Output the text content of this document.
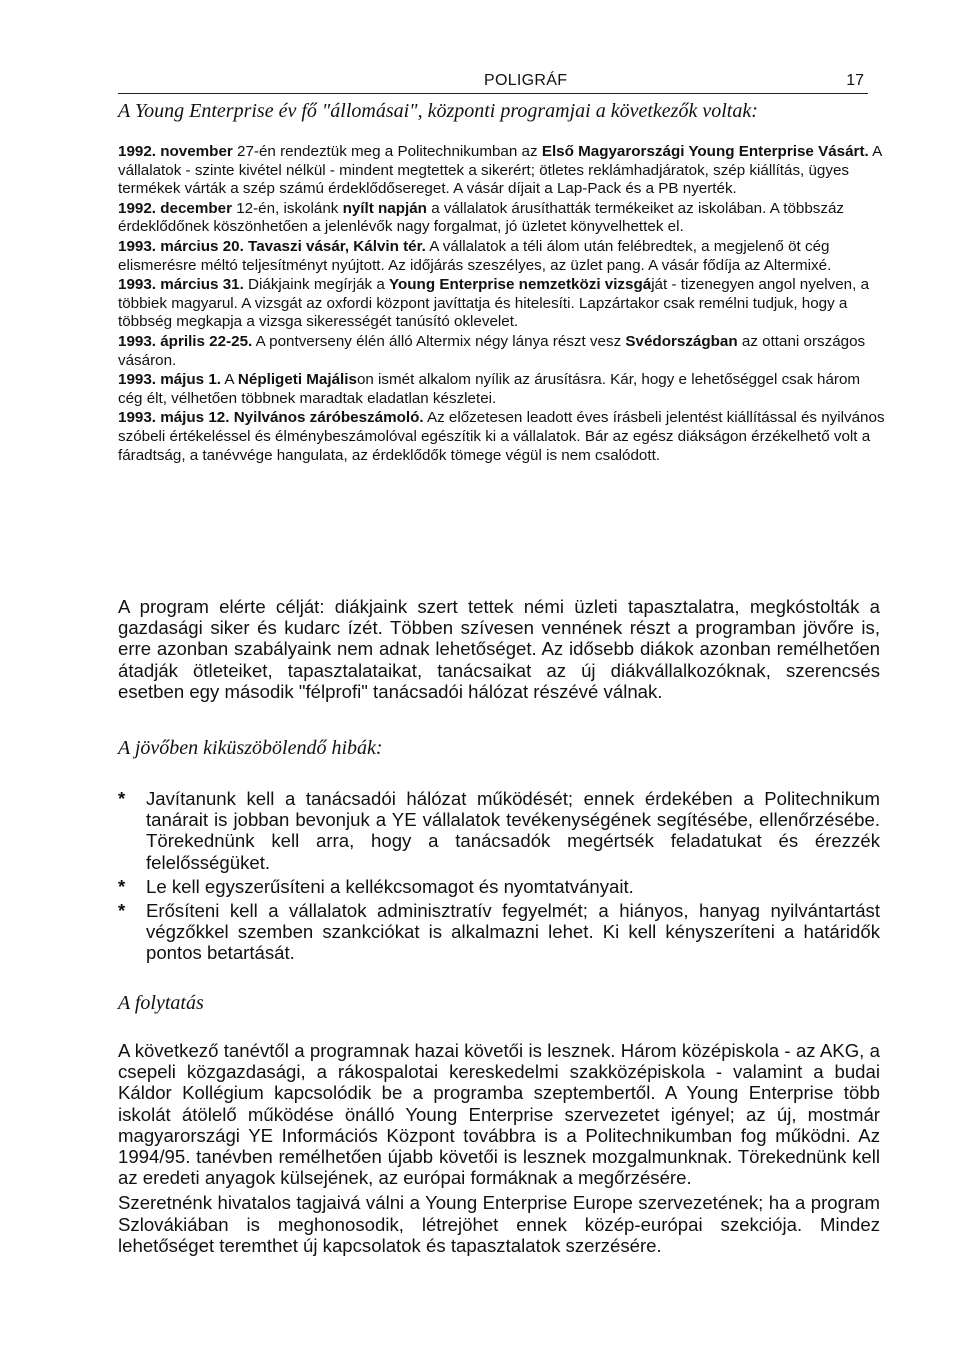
POLIGRÁF	17
A Young Enterprise év fő "állomásai", központi programjai a következők voltak:

1992. november 27-én rendeztük meg a Politechnikumban az Első Magyarországi Young Enterprise Vásárt. A vállalatok - szinte kivétel nélkül - mindent megtettek a sikerért; ötletes reklámhadjáratok, szép kiállítás, ügyes termékek várták a szép számú érdeklődősereget. A vásár díjait a Lap-Pack és a PB nyerték.

1992. december 12-én, iskolánk nyílt napján a vállalatok árusíthatták termékeiket az iskolában. A többszáz érdeklődőnek köszönhetően a jelenlévők nagy forgalmat, jó üzletet könyvelhettek el.

1993. március 20. Tavaszi vásár, Kálvin tér. A vállalatok a téli álom után felébredtek, a megjelenő öt cég elismerésre méltó teljesítményt nyújtott. Az időjárás szeszélyes, az üzlet pang. A vásár fődíja az Altermixé.

1993. március 31. Diákjaink megírják a Young Enterprise nemzetközi vizsgáját - tizenegyen angol nyelven, a többiek magyarul. A vizsgát az oxfordi központ javíttatja és hitelesíti. Lapzártakor csak remélni tudjuk, hogy a többség megkapja a vizsga sikerességét tanúsító oklevelet.

1993. április 22-25. A pontverseny élén álló Altermix négy lánya részt vesz Svédországban az ottani országos vásáron.

1993. május 1. A Népligeti Majálison ismét alkalom nyílik az árusításra. Kár, hogy e lehetőséggel csak három cég élt, vélhetően többnek maradtak eladatlan készletei.

1993. május 12. Nyilvános záróbeszámoló. Az előzetesen leadott éves írásbeli jelentést kiállítással és nyilvános szóbeli értékeléssel és élménybeszámolóval egészítik ki a vállalatok. Bár az egész diákságon érzékelhető volt a fáradtság, a tanévvége hangulata, az érdeklődők tömege végül is nem csalódott.

A program elérte célját: diákjaink szert tettek némi üzleti tapasztalatra, megkóstolták a gazdasági siker és kudarc ízét. Többen szívesen vennének részt a programban jövőre is, erre azonban szabályaink nem adnak lehetőséget. Az idősebb diákok azonban remélhetően átadják ötleteiket, tapasztalataikat, tanácsaikat az új diákvállalkozóknak, szerencsés esetben egy második "félprofi" tanácsadói hálózat részévé válnak.
A jövőben kiküszöbölendő hibák:
* Javítanunk kell a tanácsadói hálózat működését; ennek érdekében a Politechnikum tanárait is jobban bevonjuk a YE vállalatok tevékenységének segítésébe, ellenőrzésébe. Törekednünk kell arra, hogy a tanácsadók megértsék feladatukat és érezzék felelősségüket.
* Le kell egyszerűsíteni a kellékcsomagot és nyomtatványait.
* Erősíteni kell a vállalatok adminisztratív fegyelmét; a hiányos, hanyag nyilvántartást végzőkkel szemben szankciókat is alkalmazni lehet. Ki kell kényszeríteni a határidők pontos betartását.
A folytatás

A következő tanévtől a programnak hazai követői is lesznek. Három középiskola - az AKG, a csepeli közgazdasági, a rákospalotai kereskedelmi szakközépiskola - valamint a budai Káldor Kollégium kapcsolódik be a programba szeptembertől. A Young Enterprise több iskolát átölelő működése önálló Young Enterprise szervezetet igényel; az új, mostmár magyarországi YE Információs Központ továbbra is a Politechnikumban fog működni. Az 1994/95. tanévben remélhetően újabb követői is lesznek mozgalmunknak. Törekednünk kell az eredeti anyagok külsejének, az európai formáknak a megőrzésére.

Szeretnénk hivatalos tagjaivá válni a Young Enterprise Europe szervezetének; ha a program Szlovákiában is meghonosodik, létrejöhet ennek közép-európai szekciója. Mindez lehetőséget teremthet új kapcsolatok és tapasztalatok szerzésére.
